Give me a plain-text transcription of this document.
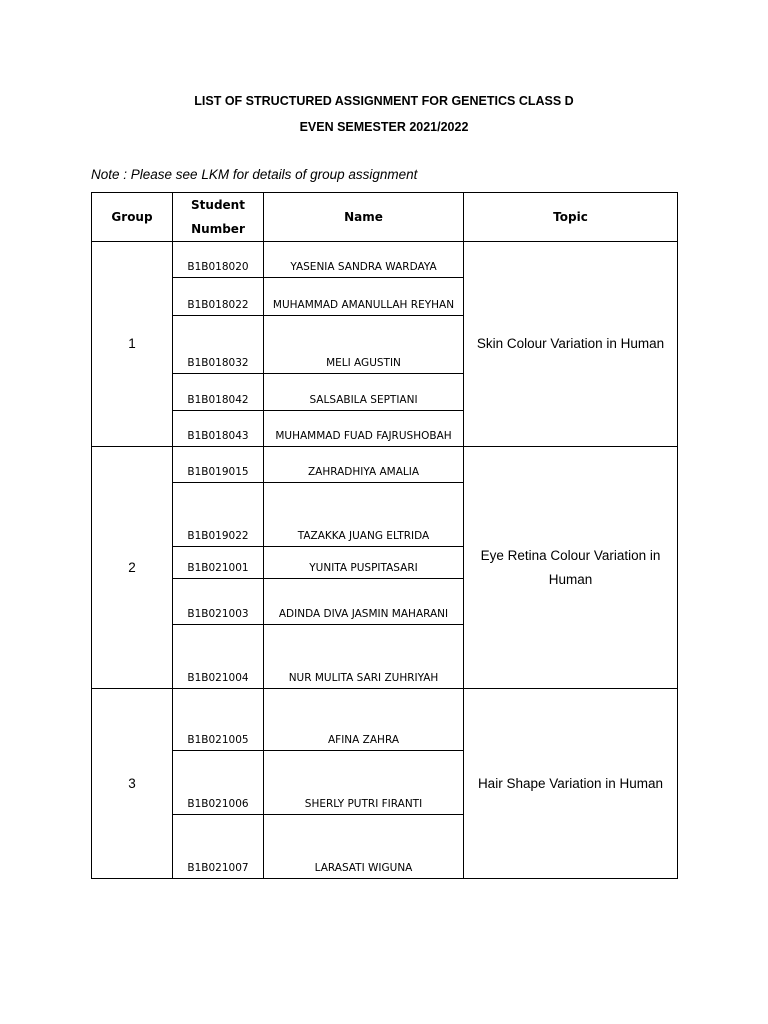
LIST OF STRUCTURED ASSIGNMENT FOR GENETICS CLASS D
EVEN SEMESTER 2021/2022
Note : Please see LKM for details of group assignment
Group	Student Number	Name	Topic
1	B1B018020	YASENIA SANDRA WARDAYA	Skin Colour Variation in Human
	B1B018022	MUHAMMAD AMANULLAH REYHAN	
	B1B018032	MELI AGUSTIN	
	B1B018042	SALSABILA SEPTIANI	
	B1B018043	MUHAMMAD FUAD FAJRUSHOBAH	
2	B1B019015	ZAHRADHIYA AMALIA	Eye Retina Colour Variation in Human
	B1B019022	TAZAKKA JUANG ELTRIDA	
	B1B021001	YUNITA PUSPITASARI	
	B1B021003	ADINDA DIVA JASMIN MAHARANI	
	B1B021004	NUR MULITA SARI ZUHRIYAH	
3	B1B021005	AFINA ZAHRA	Hair Shape Variation in Human
	B1B021006	SHERLY PUTRI FIRANTI	
	B1B021007	LARASATI WIGUNA	
